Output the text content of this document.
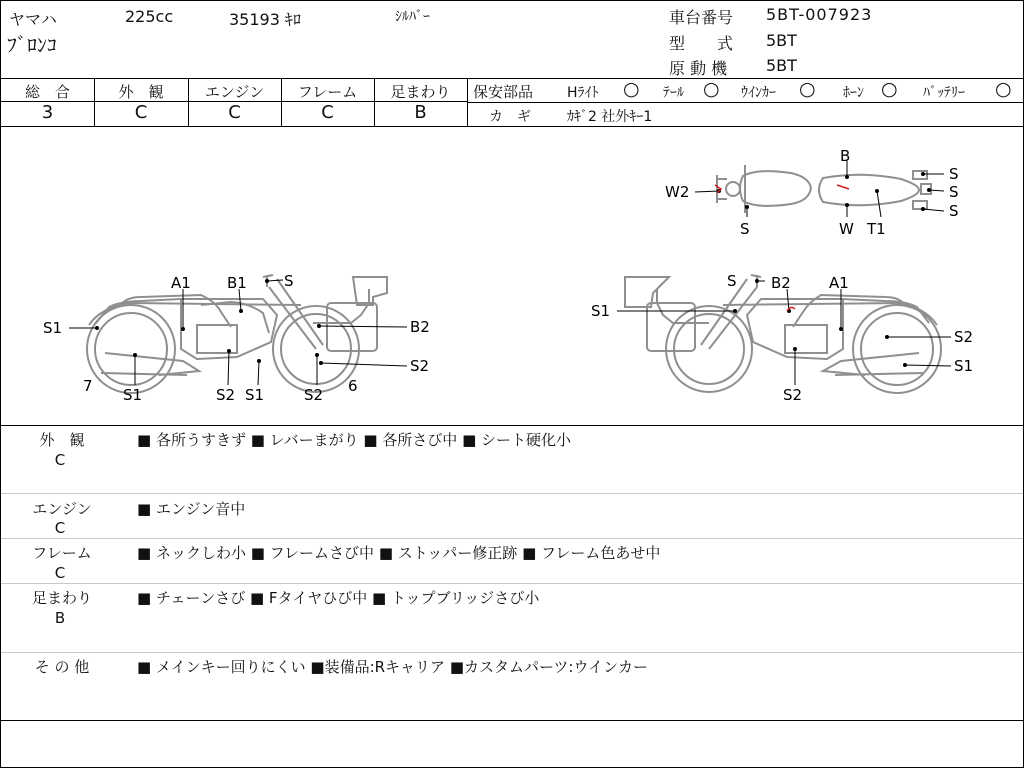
ヤマハ	225cc	35193 ｷﾛ	ｼﾙﾊﾞｰ
ﾌﾞﾛﾝｺ
車台番号 5BT-007923
型　　式 5BT
原 動 機 5BT
総　合	外　観	エンジン	フレーム	足まわり
3	C	C	C	B
保安部品 Hﾗｲﾄ ○ ﾃｰﾙ ○ ｳｲﾝｶｰ ○ ﾎｰﾝ ○ ﾊﾞｯﾃﾘｰ ○
カ　ギ	ｶｷﾞ2 社外ｷｰ1
B
W2
S
S
S
S	W T1
A1 B1 S
S1	B2
S2
7 S1	S2 S1	S2 6
S B2	A1
S1
S2
S1
S2
外　観
C
■ 各所うすきず ■ レバーまがり ■ 各所さび中 ■ シート硬化小
エンジン
C
■ エンジン音中
フレーム
C
■ ネックしわ小 ■ フレームさび中 ■ ストッパー修正跡 ■ フレーム色あせ中
足まわり
B
■ チェーンさび ■ Fタイヤひび中 ■ トップブリッジさび小
そ の 他	■ メインキー回りにくい ■装備品:Rキャリア ■カスタムパーツ:ウインカー
